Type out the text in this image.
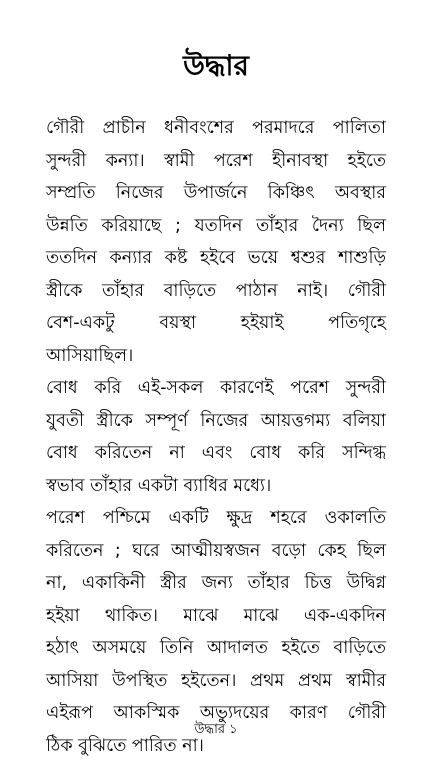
উদ্ধার

গৌরী প্রাচীন ধনীবংশের পরমাদরে পালিতা
সুন্দরী কন্যা। স্বামী পরেশ হীনাবস্থা হইতে
সম্প্রতি নিজের উপার্জনে কিঞ্চিৎ অবস্থার
উন্নতি করিয়াছে ; যতদিন তাঁহার দৈন্য ছিল
ততদিন কন্যার কষ্ট হইবে ভয়ে শ্বশুর শাশুড়ি
স্ত্রীকে তাঁহার বাড়িতে পাঠান নাই। গৌরী
বেশ-একটু বয়স্থা হইয়াই পতিগৃহে
আসিয়াছিল।

বোধ করি এই-সকল কারণেই পরেশ সুন্দরী
যুবতী স্ত্রীকে সম্পূর্ণ নিজের আয়ত্তগম্য বলিয়া
বোধ করিতেন না এবং বোধ করি সন্দিগ্ধ
স্বভাব তাঁহার একটা ব্যাধির মধ্যে।

পরেশ পশ্চিমে একটি ক্ষুদ্র শহরে ওকালতি
করিতেন ; ঘরে আত্মীয়স্বজন বড়ো কেহ ছিল
না, একাকিনী স্ত্রীর জন্য তাঁহার চিত্ত উদ্বিগ্ন
হইয়া থাকিত। মাঝে মাঝে এক-একদিন
হঠাৎ অসময়ে তিনি আদালত হইতে বাড়িতে
আসিয়া উপস্থিত হইতেন। প্রথম প্রথম স্বামীর
এইরূপ আকস্মিক অভ্যুদয়ের কারণ গৌরী
ঠিক বুঝিতে পারিত না।

উদ্ধার ১
